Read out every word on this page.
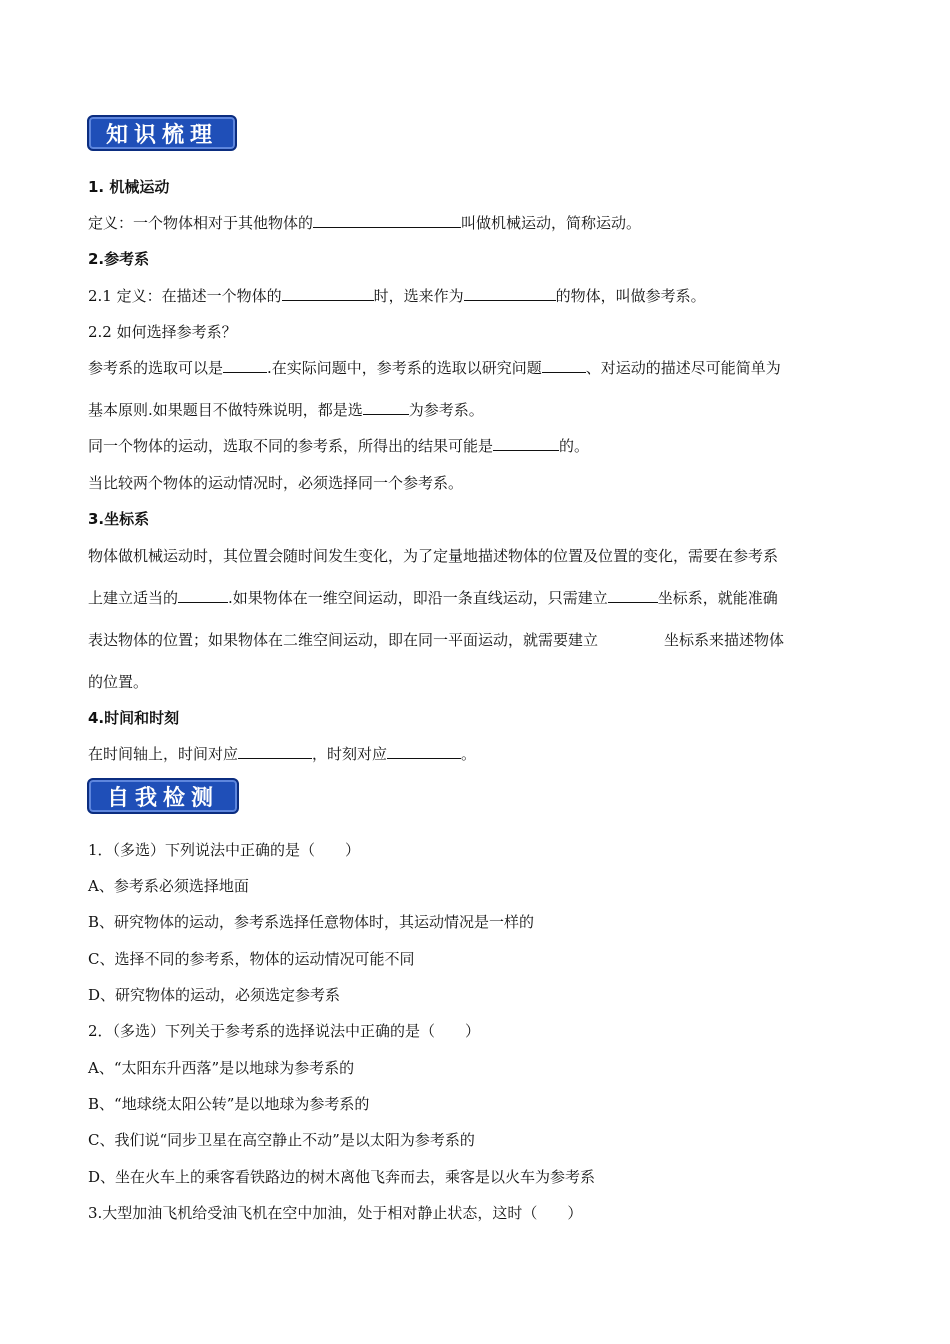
知识梳理
1. 机械运动
定义：一个物体相对于其他物体的	叫做机械运动，简称运动。
2.参考系
2.1 定义：在描述一个物体的	时，选来作为	的物体，叫做参考系。
2.2 如何选择参考系？
参考系的选取可以是	.在实际问题中，参考系的选取以研究问题	、对运动的描述尽可能简单为
基本原则.如果题目不做特殊说明，都是选	为参考系。
同一个物体的运动，选取不同的参考系，所得出的结果可能是	的。
当比较两个物体的运动情况时，必须选择同一个参考系。
3.坐标系
物体做机械运动时，其位置会随时间发生变化，为了定量地描述物体的位置及位置的变化，需要在参考系
上建立适当的	.如果物体在一维空间运动，即沿一条直线运动，只需建立	坐标系，就能准确
表达物体的位置；如果物体在二维空间运动，即在同一平面运动，就需要建立	坐标系来描述物体
的位置。
4.时间和时刻
在时间轴上，时间对应	，时刻对应	。
自我检测
1．（多选）下列说法中正确的是（　　）
A、参考系必须选择地面
B、研究物体的运动，参考系选择任意物体时，其运动情况是一样的
C、选择不同的参考系，物体的运动情况可能不同
D、研究物体的运动，必须选定参考系
2．（多选）下列关于参考系的选择说法中正确的是（　　）
A、“太阳东升西落”是以地球为参考系的
B、“地球绕太阳公转”是以地球为参考系的
C、我们说“同步卫星在高空静止不动”是以太阳为参考系的
D、坐在火车上的乘客看铁路边的树木离他飞奔而去，乘客是以火车为参考系
3.大型加油飞机给受油飞机在空中加油，处于相对静止状态，这时（　　）
